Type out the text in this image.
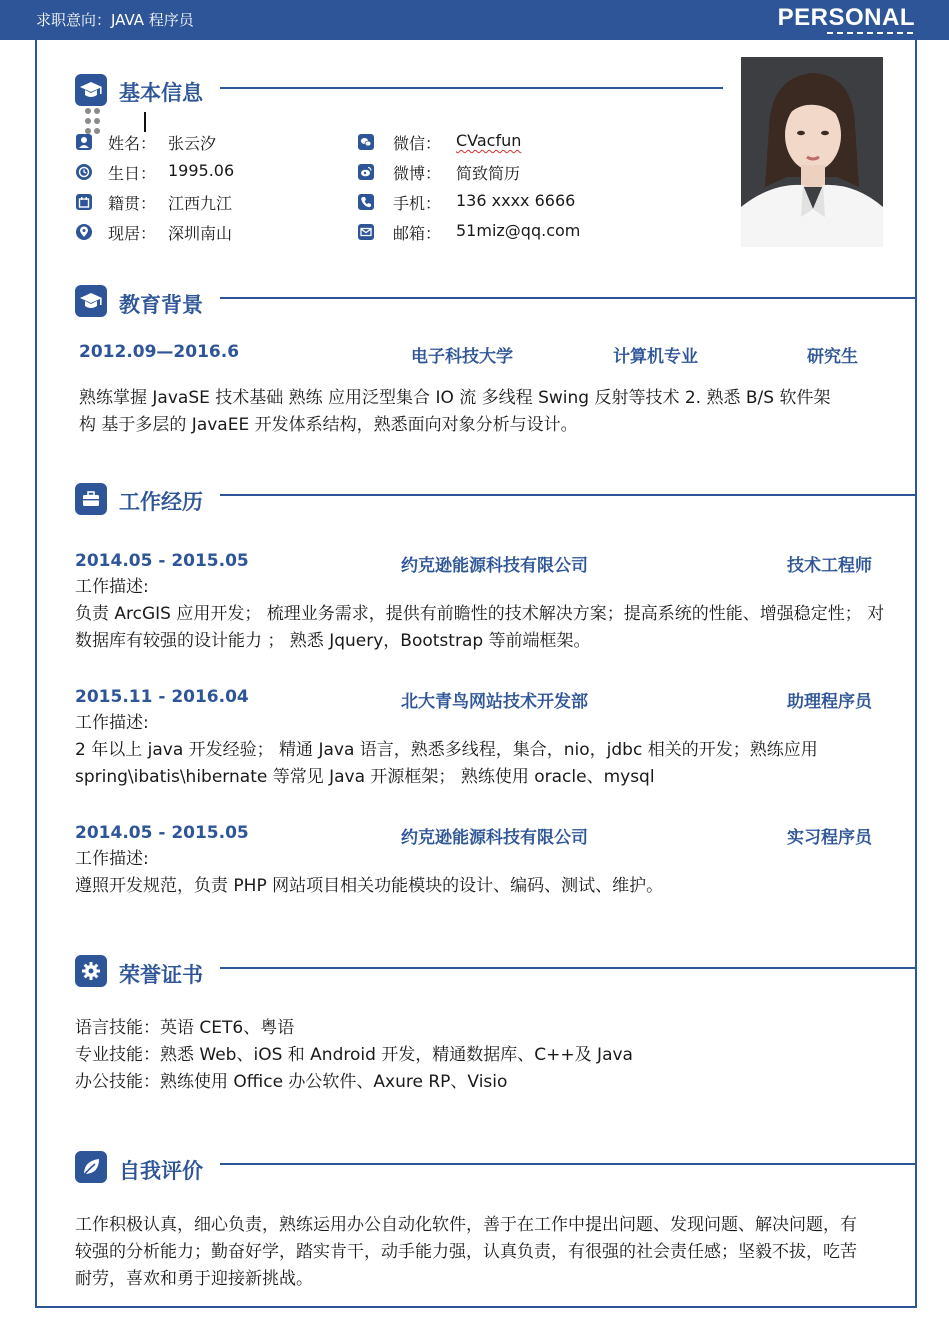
求职意向：JAVA 程序员	PERSONAL
基本信息
姓名： 张云汐
生日： 1995.06
籍贯： 江西九江
现居： 深圳南山
微信： CVacfun
微博： 简致简历
手机： 136 xxxx 6666
邮箱： 51miz@qq.com
教育背景
2012.09—2016.6	电子科技大学	计算机专业	研究生
熟练掌握 JavaSE 技术基础 熟练 应用泛型集合 IO 流 多线程 Swing 反射等技术 2. 熟悉 B/S 软件架
构 基于多层的 JavaEE 开发体系结构，熟悉面向对象分析与设计。
工作经历
2014.05 - 2015.05	约克逊能源科技有限公司	技术工程师
工作描述:
负责 ArcGIS 应用开发； 梳理业务需求，提供有前瞻性的技术解决方案；提高系统的性能、增强稳定性； 对
数据库有较强的设计能力 ； 熟悉 Jquery，Bootstrap 等前端框架。
2015.11 - 2016.04	北大青鸟网站技术开发部	助理程序员
工作描述:
2 年以上 java 开发经验； 精通 Java 语言，熟悉多线程，集合，nio，jdbc 相关的开发；熟练应用
spring\ibatis\hibernate 等常见 Java 开源框架； 熟练使用 oracle、mysql
2014.05 - 2015.05	约克逊能源科技有限公司	实习程序员
工作描述:
遵照开发规范，负责 PHP 网站项目相关功能模块的设计、编码、测试、维护。
荣誉证书
语言技能：英语 CET6、粤语
专业技能：熟悉 Web、iOS 和 Android 开发，精通数据库、C++及 Java
办公技能：熟练使用 Office 办公软件、Axure RP、Visio
自我评价
工作积极认真，细心负责，熟练运用办公自动化软件，善于在工作中提出问题、发现问题、解决问题，有
较强的分析能力；勤奋好学，踏实肯干，动手能力强，认真负责，有很强的社会责任感；坚毅不拔，吃苦
耐劳，喜欢和勇于迎接新挑战。
